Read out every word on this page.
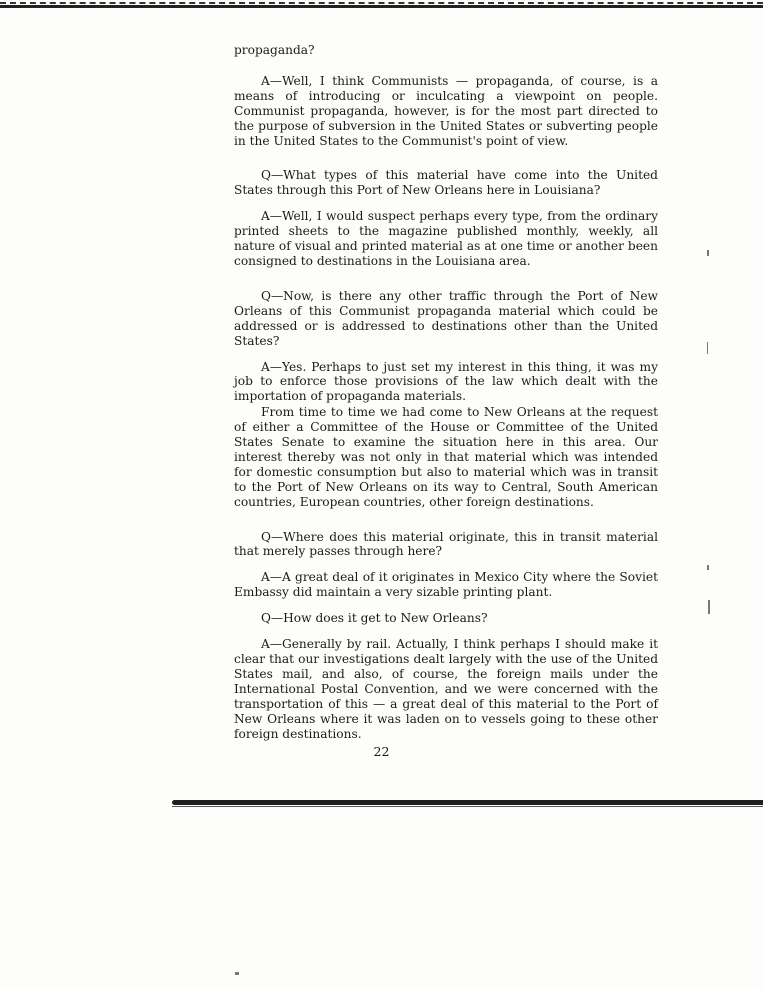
propaganda?

A—Well, I think Communists — propaganda, of course, is a means of introducing or inculcating a viewpoint on people. Communist propaganda, however, is for the most part directed to the purpose of subversion in the United States or subverting people in the United States to the Communist's point of view.

Q—What types of this material have come into the United States through this Port of New Orleans here in Louisiana?

A—Well, I would suspect perhaps every type, from the ordinary printed sheets to the magazine published monthly, weekly, all nature of visual and printed material as at one time or another been consigned to destinations in the Louisiana area.

Q—Now, is there any other traffic through the Port of New Orleans of this Communist propaganda material which could be addressed or is addressed to destinations other than the United States?

A—Yes. Perhaps to just set my interest in this thing, it was my job to enforce those provisions of the law which dealt with the importation of propaganda materials.

From time to time we had come to New Orleans at the request of either a Committee of the House or Committee of the United States Senate to examine the situation here in this area. Our interest thereby was not only in that material which was intended for domestic consumption but also to material which was in transit to the Port of New Orleans on its way to Central, South American countries, European countries, other foreign destinations.

Q—Where does this material originate, this in transit material that merely passes through here?

A—A great deal of it originates in Mexico City where the Soviet Embassy did maintain a very sizable printing plant.

Q—How does it get to New Orleans?

A—Generally by rail. Actually, I think perhaps I should make it clear that our investigations dealt largely with the use of the United States mail, and also, of course, the foreign mails under the International Postal Convention, and we were concerned with the transportation of this — a great deal of this material to the Port of New Orleans where it was laden on to vessels going to these other foreign destinations.

22
